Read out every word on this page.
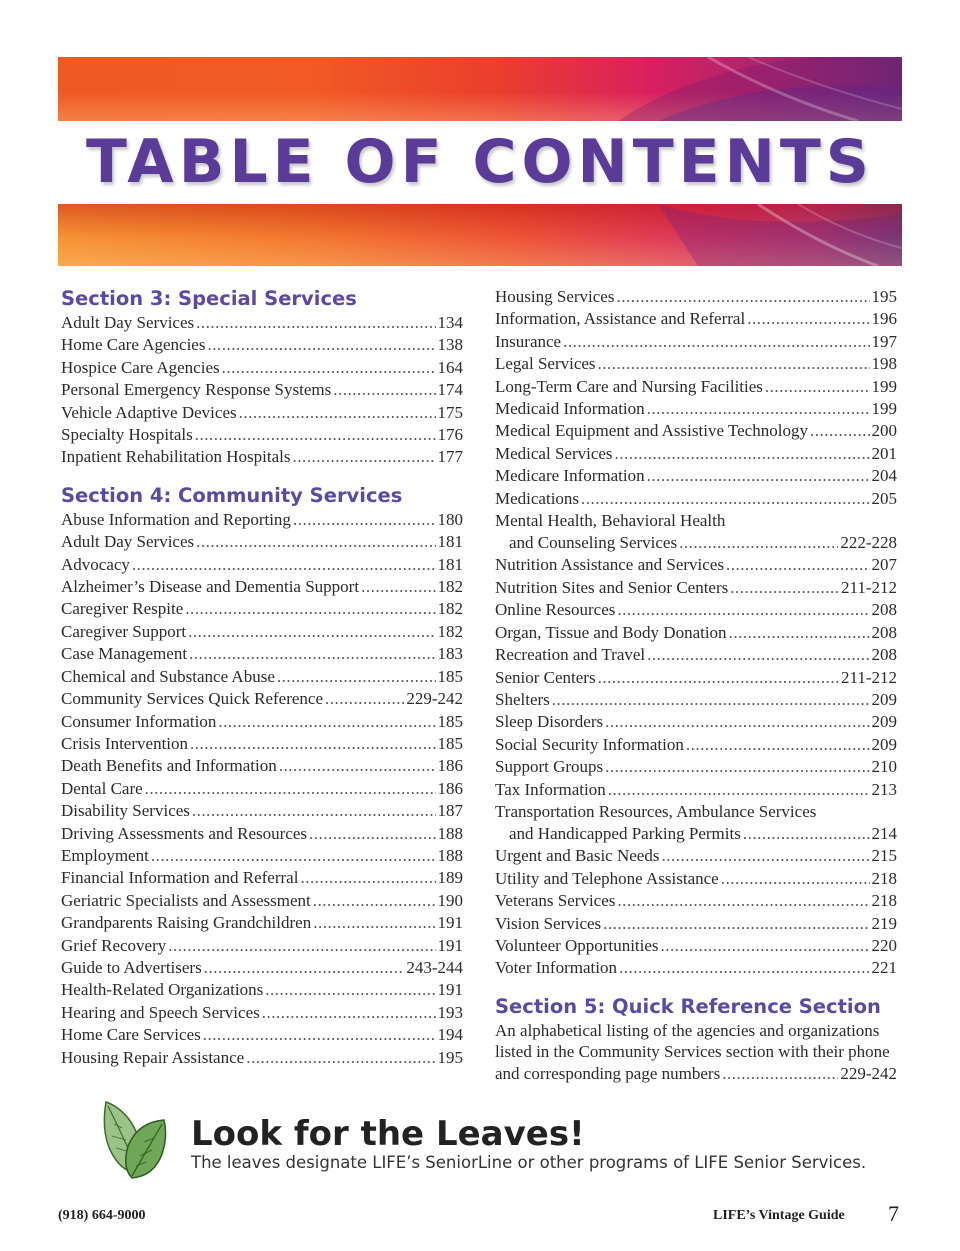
TABLE OF CONTENTS
Section 3: Special Services
Adult Day Services .....	134
Home Care Agencies .....	138
Hospice Care Agencies .....	164
Personal Emergency Response Systems .....	174
Vehicle Adaptive Devices .....	175
Specialty Hospitals .....	176
Inpatient Rehabilitation Hospitals .....	177
Section 4: Community Services
Abuse Information and Reporting .....	180
Adult Day Services .....	181
Advocacy .....	181
Alzheimer’s Disease and Dementia Support .....	182
Caregiver Respite .....	182
Caregiver Support .....	182
Case Management .....	183
Chemical and Substance Abuse .....	185
Community Services Quick Reference .....	229-242
Consumer Information .....	185
Crisis Intervention .....	185
Death Benefits and Information .....	186
Dental Care .....	186
Disability Services .....	187
Driving Assessments and Resources .....	188
Employment .....	188
Financial Information and Referral .....	189
Geriatric Specialists and Assessment .....	190
Grandparents Raising Grandchildren .....	191
Grief Recovery .....	191
Guide to Advertisers .....	243-244
Health-Related Organizations .....	191
Hearing and Speech Services .....	193
Home Care Services .....	194
Housing Repair Assistance .....	195
Housing Services .....	195
Information, Assistance and Referral .....	196
Insurance .....	197
Legal Services .....	198
Long-Term Care and Nursing Facilities .....	199
Medicaid Information .....	199
Medical Equipment and Assistive Technology .....	200
Medical Services .....	201
Medicare Information .....	204
Medications .....	205
Mental Health, Behavioral Health
and Counseling Services .....	222-228
Nutrition Assistance and Services .....	207
Nutrition Sites and Senior Centers .....	211-212
Online Resources .....	208
Organ, Tissue and Body Donation .....	208
Recreation and Travel .....	208
Senior Centers .....	211-212
Shelters .....	209
Sleep Disorders .....	209
Social Security Information .....	209
Support Groups .....	210
Tax Information .....	213
Transportation Resources, Ambulance Services
and Handicapped Parking Permits .....	214
Urgent and Basic Needs .....	215
Utility and Telephone Assistance .....	218
Veterans Services .....	218
Vision Services .....	219
Volunteer Opportunities .....	220
Voter Information .....	221
Section 5: Quick Reference Section
An alphabetical listing of the agencies and organizations
listed in the Community Services section with their phone
and corresponding page numbers .....	229-242
Look for the Leaves!
The leaves designate LIFE’s SeniorLine or other programs of LIFE Senior Services.
(918) 664-9000	LIFE’s Vintage Guide 7
